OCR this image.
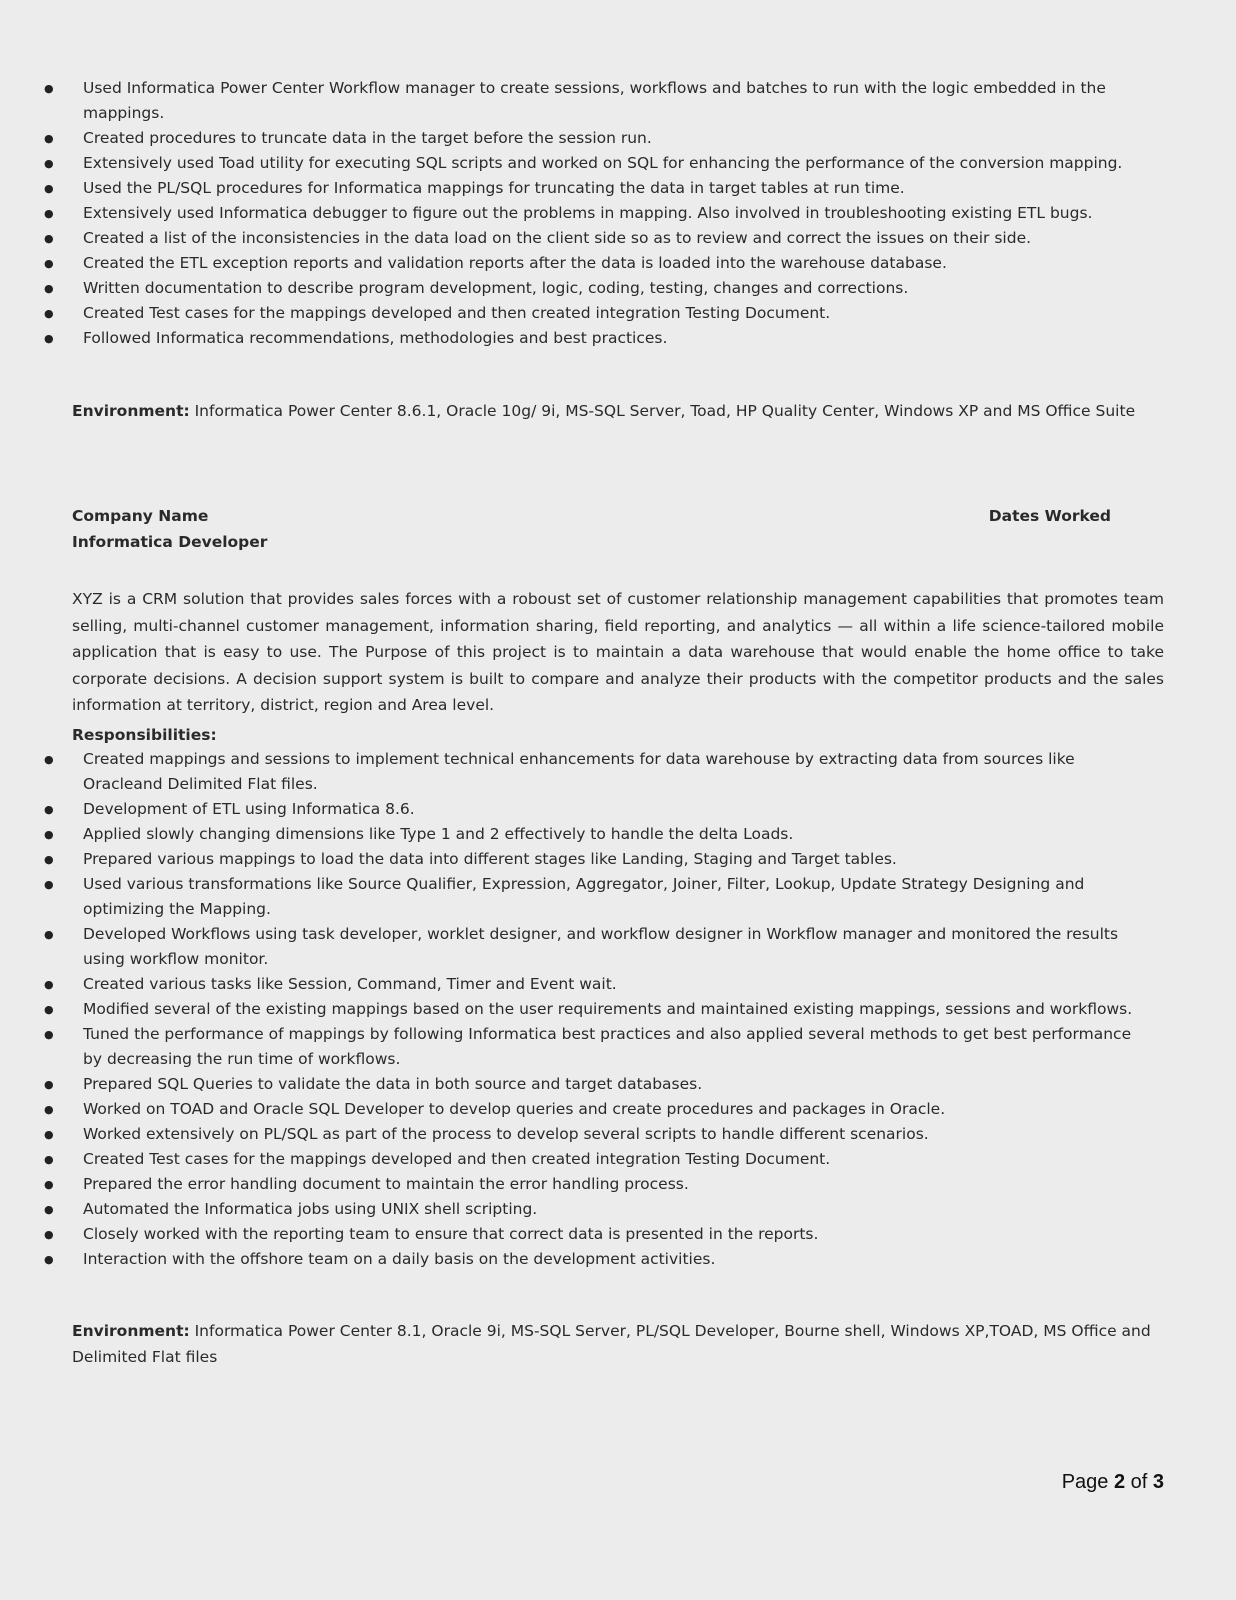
● Used Informatica Power Center Workflow manager to create sessions, workflows and batches to run with the logic embedded in the mappings.
● Created procedures to truncate data in the target before the session run.
● Extensively used Toad utility for executing SQL scripts and worked on SQL for enhancing the performance of the conversion mapping.
● Used the PL/SQL procedures for Informatica mappings for truncating the data in target tables at run time.
● Extensively used Informatica debugger to figure out the problems in mapping. Also involved in troubleshooting existing ETL bugs.
● Created a list of the inconsistencies in the data load on the client side so as to review and correct the issues on their side.
● Created the ETL exception reports and validation reports after the data is loaded into the warehouse database.
● Written documentation to describe program development, logic, coding, testing, changes and corrections.
● Created Test cases for the mappings developed and then created integration Testing Document.
● Followed Informatica recommendations, methodologies and best practices.
Environment: Informatica Power Center 8.6.1, Oracle 10g/ 9i, MS-SQL Server, Toad, HP Quality Center, Windows XP and MS Office Suite
Company Name	Dates Worked
Informatica Developer
XYZ is a CRM solution that provides sales forces with a roboust set of customer relationship management capabilities that promotes team selling, multi-channel customer management, information sharing, field reporting, and analytics — all within a life science-tailored mobile application that is easy to use. The Purpose of this project is to maintain a data warehouse that would enable the home office to take corporate decisions. A decision support system is built to compare and analyze their products with the competitor products and the sales information at territory, district, region and Area level.
Responsibilities:
● Created mappings and sessions to implement technical enhancements for data warehouse by extracting data from sources like Oracleand Delimited Flat files.
● Development of ETL using Informatica 8.6.
● Applied slowly changing dimensions like Type 1 and 2 effectively to handle the delta Loads.
● Prepared various mappings to load the data into different stages like Landing, Staging and Target tables.
● Used various transformations like Source Qualifier, Expression, Aggregator, Joiner, Filter, Lookup, Update Strategy Designing and optimizing the Mapping.
● Developed Workflows using task developer, worklet designer, and workflow designer in Workflow manager and monitored the results using workflow monitor.
● Created various tasks like Session, Command, Timer and Event wait.
● Modified several of the existing mappings based on the user requirements and maintained existing mappings, sessions and workflows.
● Tuned the performance of mappings by following Informatica best practices and also applied several methods to get best performance by decreasing the run time of workflows.
● Prepared SQL Queries to validate the data in both source and target databases.
● Worked on TOAD and Oracle SQL Developer to develop queries and create procedures and packages in Oracle.
● Worked extensively on PL/SQL as part of the process to develop several scripts to handle different scenarios.
● Created Test cases for the mappings developed and then created integration Testing Document.
● Prepared the error handling document to maintain the error handling process.
● Automated the Informatica jobs using UNIX shell scripting.
● Closely worked with the reporting team to ensure that correct data is presented in the reports.
● Interaction with the offshore team on a daily basis on the development activities.
Environment: Informatica Power Center 8.1, Oracle 9i, MS-SQL Server, PL/SQL Developer, Bourne shell, Windows XP,TOAD, MS Office and Delimited Flat files
Page 2 of 3
